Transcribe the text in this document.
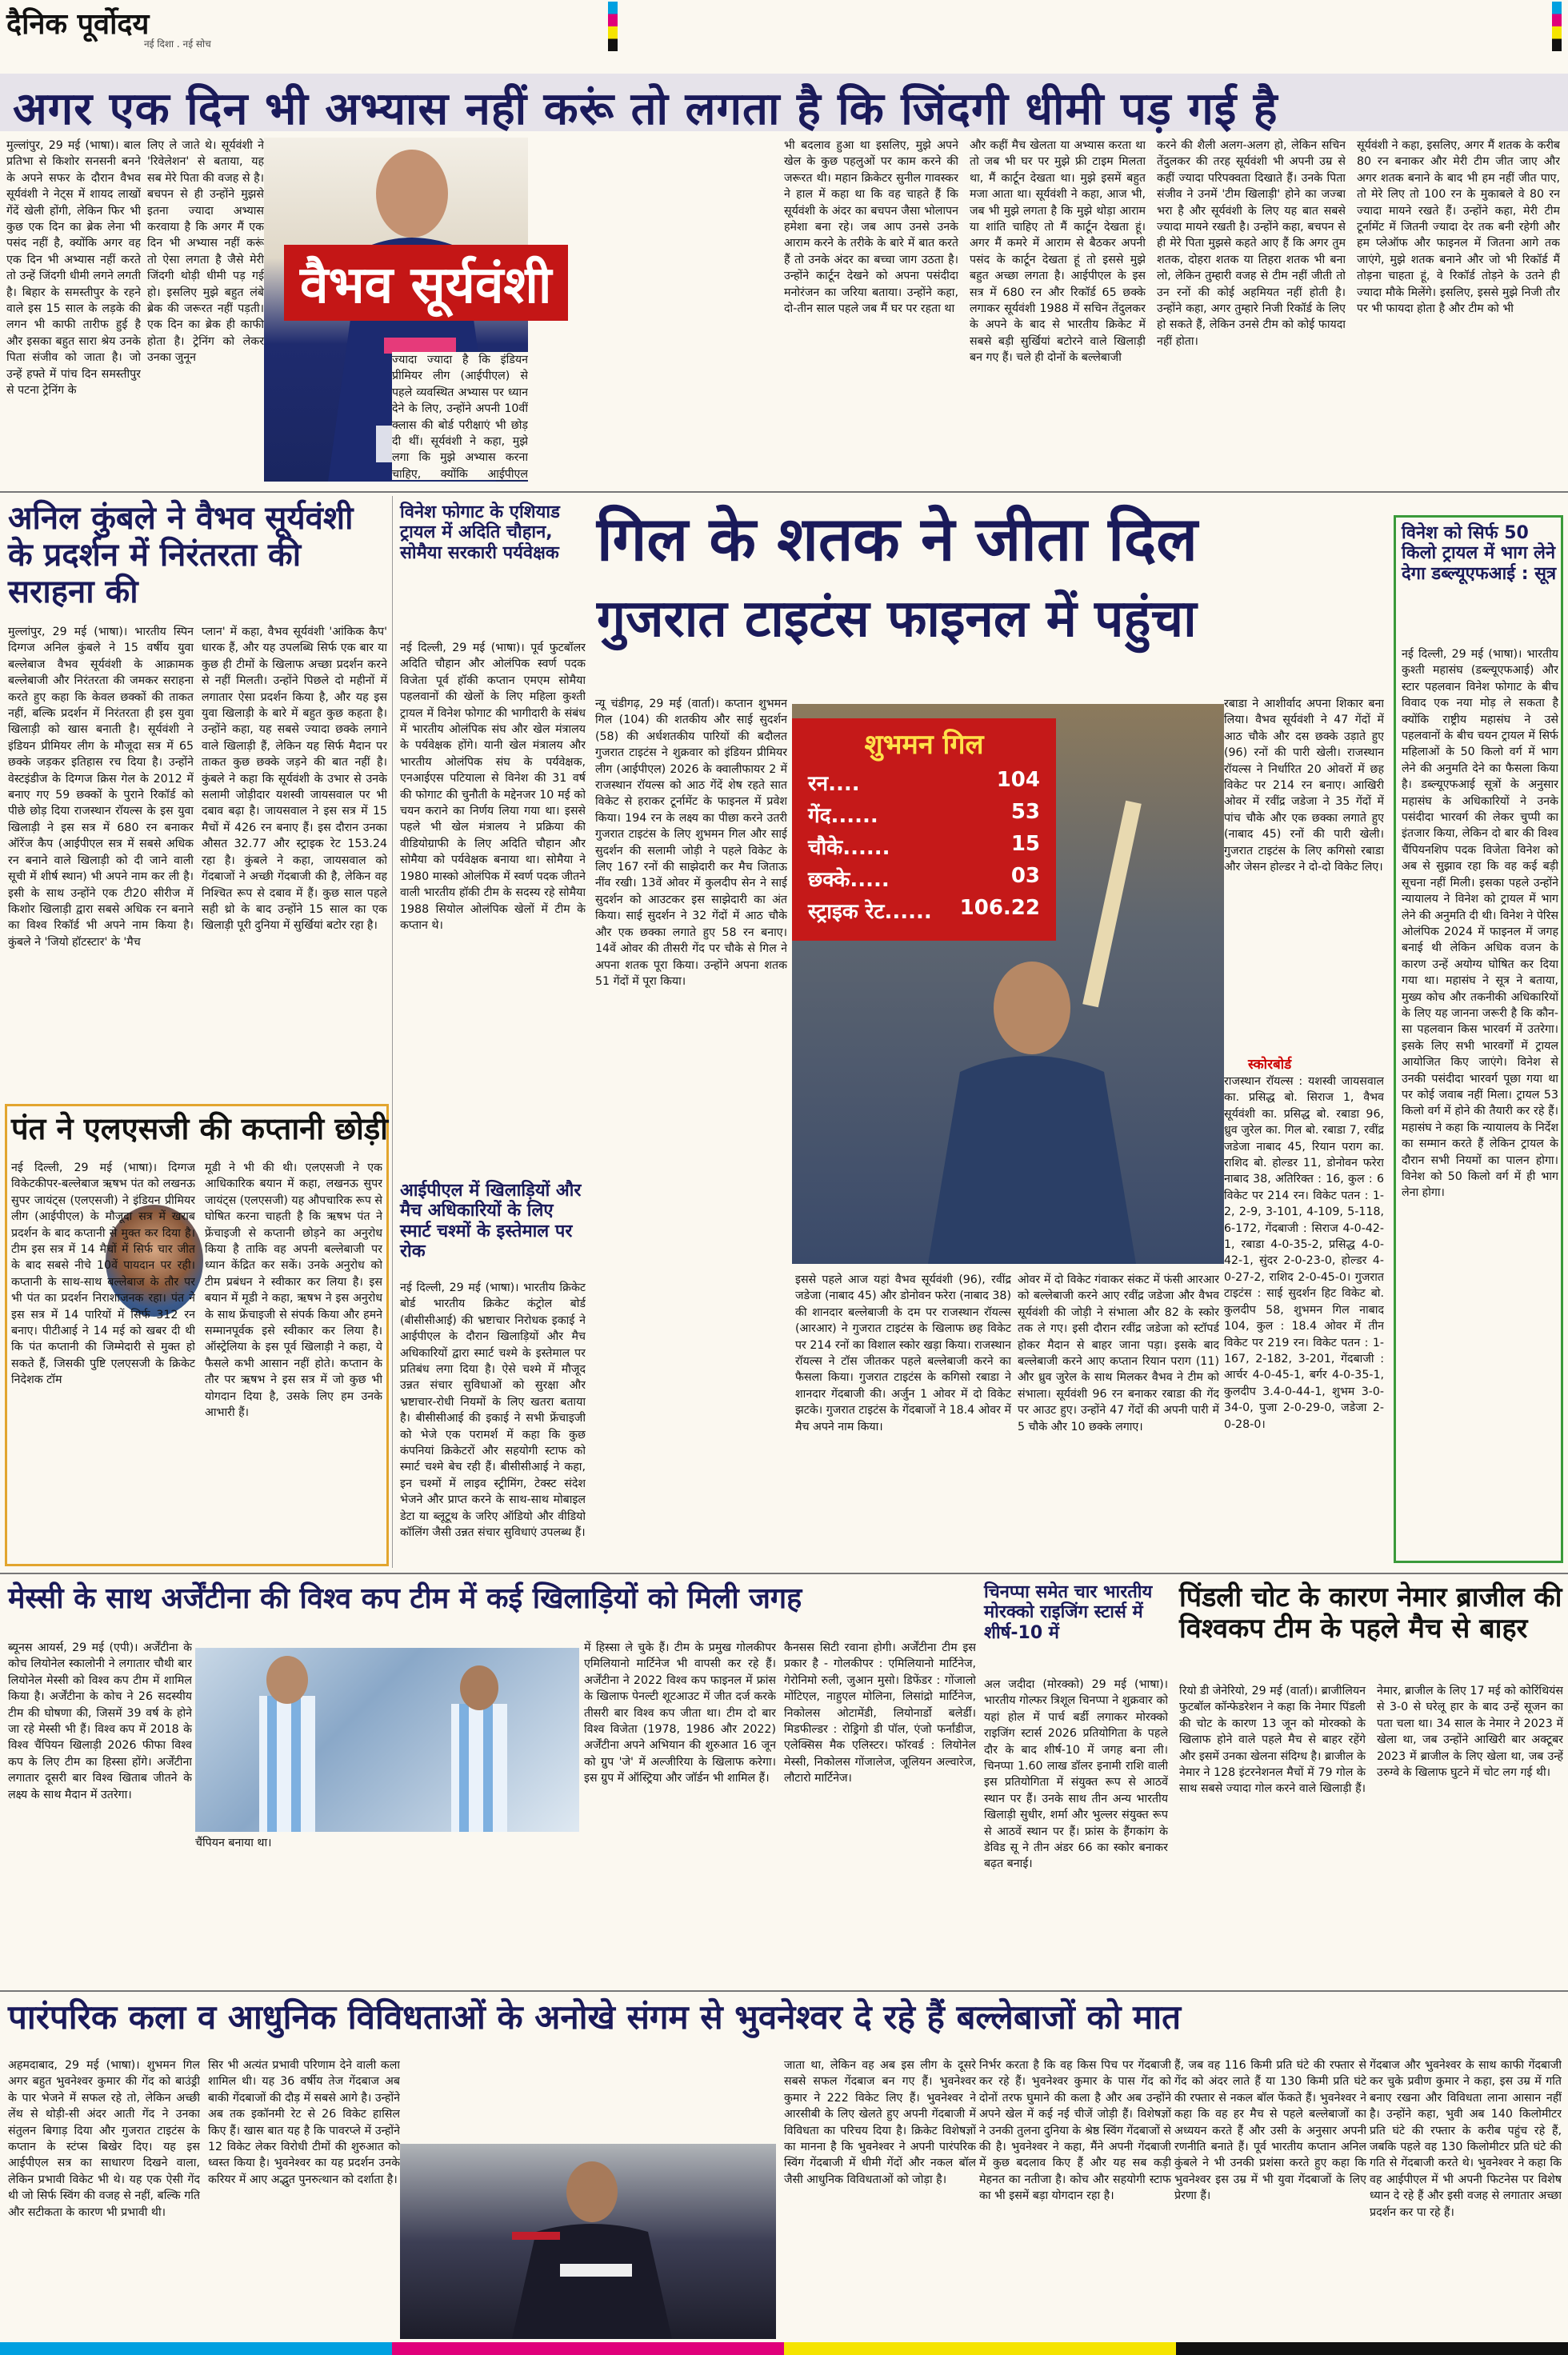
दैनिक पूर्वोदय
नई दिशा . नई सोच
अगर एक दिन भी अभ्यास नहीं करूं तो लगता है कि जिंदगी धीमी पड़ गई है
मुल्लांपुर, 29 मई (भाषा)। बाल प्रतिभा से किशोर सनसनी बनने के अपने सफर के दौरान वैभव सूर्यवंशी ने नेट्स में शायद लाखों गेंदें खेली होंगी, लेकिन फिर भी कुछ एक दिन का ब्रेक लेना भी पसंद नहीं है, क्योंकि अगर वह एक दिन भी अभ्यास नहीं करते तो उन्हें जिंदगी धीमी लगने लगती है। बिहार के समस्तीपुर के रहने वाले इस 15 साल के लड़के की लगन भी काफी तारीफ हुई है और इसका बहुत सारा श्रेय उनके पिता संजीव को जाता है। जो उन्हें हफ्ते में पांच दिन समस्तीपुर से पटना ट्रेनिंग के
लिए ले जाते थे। सूर्यवंशी ने 'रिवेलेशन' से बताया, यह सब मेरे पिता की वजह से है। बचपन से ही उन्होंने मुझसे इतना ज्यादा अभ्यास करवाया है कि अगर मैं एक दिन भी अभ्यास नहीं करूं तो ऐसा लगता है जैसे मेरी जिंदगी थोड़ी धीमी पड़ गई हो। इसलिए मुझे बहुत लंबे ब्रेक की जरूरत नहीं पड़ती। एक दिन का ब्रेक ही काफी होता है। ट्रेनिंग को लेकर उनका जुनून
वैभव सूर्यवंशी
ज्यादा ज्यादा है कि इंडियन प्रीमियर लीग (आईपीएल) से पहले व्यवस्थित अभ्यास पर ध्यान देने के लिए, उन्होंने अपनी 10वीं क्लास की बोर्ड परीक्षाएं भी छोड़ दी थीं। सूर्यवंशी ने कहा, मुझे लगा कि मुझे अभ्यास करना चाहिए, क्योंकि आईपीएल
भी बदलाव हुआ था इसलिए, मुझे अपने खेल के कुछ पहलुओं पर काम करने की जरूरत थी। महान क्रिकेटर सुनील गावस्कर ने हाल में कहा था कि वह चाहते हैं कि सूर्यवंशी के अंदर का बचपन जैसा भोलापन हमेशा बना रहे। जब आप उनसे उनके आराम करने के तरीके के बारे में बात करते हैं तो उनके अंदर का बच्चा जाग उठता है। उन्होंने कार्टून देखने को अपना पसंदीदा मनोरंजन का जरिया बताया। उन्होंने कहा, दो-तीन साल पहले जब मैं घर पर रहता था
और कहीं मैच खेलता या अभ्यास करता था तो जब भी घर पर मुझे फ्री टाइम मिलता था, मैं कार्टून देखता था। मुझे इसमें बहुत मजा आता था। सूर्यवंशी ने कहा, आज भी, जब भी मुझे लगता है कि मुझे थोड़ा आराम या शांति चाहिए तो मैं कार्टून देखता हूं। अगर मैं कमरे में आराम से बैठकर अपनी पसंद के कार्टून देखता हूं तो इससे मुझे बहुत अच्छा लगता है। आईपीएल के इस सत्र में 680 रन और रिकॉर्ड 65 छक्के लगाकर सूर्यवंशी 1988 में सचिन तेंदुलकर के अपने के बाद से भारतीय क्रिकेट में सबसे बड़ी सुर्खियां बटोरने वाले खिलाड़ी बन गए हैं। चले ही दोनों के बल्लेबाजी
करने की शैली अलग-अलग हो, लेकिन सचिन तेंदुलकर की तरह सूर्यवंशी भी अपनी उम्र से कहीं ज्यादा परिपक्वता दिखाते हैं। उनके पिता संजीव ने उनमें 'टीम खिलाड़ी' होने का जज्बा भरा है और सूर्यवंशी के लिए यह बात सबसे ज्यादा मायने रखती है। उन्होंने कहा, बचपन से ही मेरे पिता मुझसे कहते आए हैं कि अगर तुम शतक, दोहरा शतक या तिहरा शतक भी बना लो, लेकिन तुम्हारी वजह से टीम नहीं जीती तो उन रनों की कोई अहमियत नहीं होती है। उन्होंने कहा, अगर तुम्हारे निजी रिकॉर्ड के लिए हो सकते हैं, लेकिन उनसे टीम को कोई फायदा नहीं होता।
सूर्यवंशी ने कहा, इसलिए, अगर मैं शतक के करीब 80 रन बनाकर और मेरी टीम जीत जाए और अगर शतक बनाने के बाद भी हम नहीं जीत पाए, तो मेरे लिए तो 100 रन के मुकाबले वे 80 रन ज्यादा मायने रखते हैं। उन्होंने कहा, मेरी टीम टूर्नामेंट में जितनी ज्यादा देर तक बनी रहेगी और हम प्लेऑफ और फाइनल में जितना आगे तक जाएंगे, मुझे शतक बनाने और जो भी रिकॉर्ड मैं तोड़ना चाहता हूं, वे रिकॉर्ड तोड़ने के उतने ही ज्यादा मौके मिलेंगे। इसलिए, इससे मुझे निजी तौर पर भी फायदा होता है और टीम को भी
अनिल कुंबले ने वैभव सूर्यवंशी के प्रदर्शन में निरंतरता की सराहना की
मुल्लांपुर, 29 मई (भाषा)। भारतीय स्पिन दिग्गज अनिल कुंबले ने 15 वर्षीय युवा बल्लेबाज वैभव सूर्यवंशी के आक्रामक बल्लेबाजी और निरंतरता की जमकर सराहना करते हुए कहा कि केवल छक्कों की ताकत नहीं, बल्कि प्रदर्शन में निरंतरता ही इस युवा खिलाड़ी को खास बनाती है। सूर्यवंशी ने इंडियन प्रीमियर लीग के मौजूदा सत्र में 65 छक्के जड़कर इतिहास रच दिया है। उन्होंने वेस्टइंडीज के दिग्गज क्रिस गेल के 2012 में बनाए गए 59 छक्कों के पुराने रिकॉर्ड को पीछे छोड़ दिया राजस्थान रॉयल्स के इस युवा खिलाड़ी ने इस सत्र में 680 रन बनाकर ऑरेंज कैप (आईपीएल सत्र में सबसे अधिक रन बनाने वाले खिलाड़ी को दी जाने वाली सूची में शीर्ष स्थान) भी अपने नाम कर ली है। इसी के साथ उन्होंने एक टी20 सीरीज में किशोर खिलाड़ी द्वारा सबसे अधिक रन बनाने का विश्व रिकॉर्ड भी अपने नाम किया है। कुंबले ने 'जियो हॉटस्टार' के 'मैच
प्लान' में कहा, वैभव सूर्यवंशी 'आंकिक कैप' धारक हैं, और यह उपलब्धि सिर्फ एक बार या कुछ ही टीमों के खिलाफ अच्छा प्रदर्शन करने से नहीं मिलती। उन्होंने पिछले दो महीनों में लगातार ऐसा प्रदर्शन किया है, और यह इस युवा खिलाड़ी के बारे में बहुत कुछ कहता है। उन्होंने कहा, यह सबसे ज्यादा छक्के लगाने वाले खिलाड़ी हैं, लेकिन यह सिर्फ मैदान पर ताकत कुछ छक्के जड़ने की बात नहीं है। कुंबले ने कहा कि सूर्यवंशी के उभार से उनके सलामी जोड़ीदार यशस्वी जायसवाल पर भी दबाव बढ़ा है। जायसवाल ने इस सत्र में 15 मैचों में 426 रन बनाए हैं। इस दौरान उनका औसत 32.77 और स्ट्राइक रेट 153.24 रहा है। कुंबले ने कहा, जायसवाल को गेंदबाजों ने अच्छी गेंदबाजी की है, लेकिन वह निश्चित रूप से दबाव में हैं। कुछ साल पहले सही थ्रो के बाद उन्होंने 15 साल का एक खिलाड़ी पूरी दुनिया में सुर्खियां बटोर रहा है।
विनेश फोगाट के एशियाड ट्रायल में अदिति चौहान, सोमैया सरकारी पर्यवेक्षक
नई दिल्ली, 29 मई (भाषा)। पूर्व फुटबॉलर अदिति चौहान और ओलंपिक स्वर्ण पदक विजेता पूर्व हॉकी कप्तान एमएम सोमैया पहलवानों की खेलों के लिए महिला कुश्ती ट्रायल में विनेश फोगाट की भागीदारी के संबंध में भारतीय ओलंपिक संघ और खेल मंत्रालय के पर्यवेक्षक होंगे। यानी खेल मंत्रालय और भारतीय ओलंपिक संघ के पर्यवेक्षक, एनआईएस पटियाला से विनेश की 31 वर्ष की फोगाट की चुनौती के मद्देनजर 10 मई को चयन कराने का निर्णय लिया गया था। इससे पहले भी खेल मंत्रालय ने प्रक्रिया की वीडियोग्राफी के लिए अदिति चौहान और सोमैया को पर्यवेक्षक बनाया था। सोमैया ने 1980 मास्को ओलंपिक में स्वर्ण पदक जीतने वाली भारतीय हॉकी टीम के सदस्य रहे सोमैया 1988 सियोल ओलंपिक खेलों में टीम के कप्तान थे।
गिल के शतक ने जीता दिल
गुजरात टाइटंस फाइनल में पहुंचा
न्यू चंडीगढ़, 29 मई (वार्ता)। कप्तान शुभमन गिल (104) की शतकीय और साई सुदर्शन (58) की अर्धशतकीय पारियों की बदौलत गुजरात टाइटंस ने शुक्रवार को इंडियन प्रीमियर लीग (आईपीएल) 2026 के क्वालीफायर 2 में राजस्थान रॉयल्स को आठ गेंदें शेष रहते सात विकेट से हराकर टूर्नामेंट के फाइनल में प्रवेश किया। 194 रन के लक्ष्य का पीछा करने उतरी गुजरात टाइटंस के लिए शुभमन गिल और साई सुदर्शन की सलामी जोड़ी ने पहले विकेट के लिए 167 रनों की साझेदारी कर मैच जिताऊ नींव रखी। 13वें ओवर में कुलदीप सेन ने साई सुदर्शन को आउटकर इस साझेदारी का अंत किया। साई सुदर्शन ने 32 गेंदों में आठ चौके और एक छक्का लगाते हुए 58 रन बनाए। 14वें ओवर की तीसरी गेंद पर चौके से गिल ने अपना शतक पूरा किया। उन्होंने अपना शतक 51 गेंदों में पूरा किया।
शुभमन गिल
रन....	104
गेंद......	53
चौके......	15
छक्के.....	03
स्ट्राइक रेट...... 106.22
रबाडा ने आशीर्वाद अपना शिकार बना लिया। वैभव सूर्यवंशी ने 47 गेंदों में आठ चौके और दस छक्के उड़ाते हुए (96) रनों की पारी खेली। राजस्थान रॉयल्स ने निर्धारित 20 ओवरों में छह विकेट पर 214 रन बनाए। आखिरी ओवर में रवींद्र जडेजा ने 35 गेंदों में पांच चौके और एक छक्का लगाते हुए (नाबाद 45) रनों की पारी खेली। गुजरात टाइटंस के लिए कगिसो रबाडा और जेसन होल्डर ने दो-दो विकेट लिए।
स्कोरबोर्ड
राजस्थान रॉयल्स : यशस्वी जायसवाल का. प्रसिद्ध बो. सिराज 1, वैभव सूर्यवंशी का. प्रसिद्ध बो. रबाडा 96, ध्रुव जुरेल का. गिल बो. रबाडा 7, रवींद्र जडेजा नाबाद 45, रियान पराग का. राशिद बो. होल्डर 11, डोनोवन फरेरा नाबाद 38, अतिरिक्त : 16, कुल : 6 विकेट पर 214 रन। विकेट पतन : 1-2, 2-9, 3-101, 4-109, 5-118, 6-172, गेंदबाजी : सिराज 4-0-42-1, रबाडा 4-0-35-2, प्रसिद्ध 4-0-42-1, सुंदर 2-0-23-0, होल्डर 4-0-27-2, राशिद 2-0-45-0। गुजरात टाइटंस : साई सुदर्शन हिट विकेट बो. कुलदीप 58, शुभमन गिल नाबाद 104, कुल : 18.4 ओवर में तीन विकेट पर 219 रन। विकेट पतन : 1-167, 2-182, 3-201, गेंदबाजी : आर्चर 4-0-45-1, बर्गर 4-0-35-1, कुलदीप 3.4-0-44-1, शुभम 3-0-34-0, पुजा 2-0-29-0, जडेजा 2-0-28-0।
इससे पहले आज यहां वैभव सूर्यवंशी (96), रवींद्र जडेजा (नाबाद 45) और डोनोवन फरेरा (नाबाद 38) की शानदार बल्लेबाजी के दम पर राजस्थान रॉयल्स (आरआर) ने गुजरात टाइटंस के खिलाफ छह विकेट पर 214 रनों का विशाल स्कोर खड़ा किया। राजस्थान रॉयल्स ने टॉस जीतकर पहले बल्लेबाजी करने का फैसला किया। गुजरात टाइटंस के कगिसो रबाडा ने शानदार गेंदबाजी की। अर्जुन 1 ओवर में दो विकेट झटके। गुजरात टाइटंस के गेंदबाजों ने 18.4 ओवर में मैच अपने नाम किया।
ओवर में दो विकेट गंवाकर संकट में फंसी आरआर को बल्लेबाजी करने आए रवींद्र जडेजा और वैभव सूर्यवंशी की जोड़ी ने संभाला और 82 के स्कोर तक ले गए। इसी दौरान रवींद्र जडेजा को स्टॉपर्ड होकर मैदान से बाहर जाना पड़ा। इसके बाद बल्लेबाजी करने आए कप्तान रियान पराग (11) और ध्रुव जुरेल के साथ मिलकर वैभव ने टीम को संभाला। सूर्यवंशी 96 रन बनाकर रबाडा की गेंद पर आउट हुए। उन्होंने 47 गेंदों की अपनी पारी में 5 चौके और 10 छक्के लगाए।
विनेश को सिर्फ 50 किलो ट्रायल में भाग लेने देगा डब्ल्यूएफआई : सूत्र
नई दिल्ली, 29 मई (भाषा)। भारतीय कुश्ती महासंघ (डब्ल्यूएफआई) और स्टार पहलवान विनेश फोगाट के बीच विवाद एक नया मोड़ ले सकता है क्योंकि राष्ट्रीय महासंघ ने उसे पहलवानों के बीच चयन ट्रायल में सिर्फ महिलाओं के 50 किलो वर्ग में भाग लेने की अनुमति देने का फैसला किया है। डब्ल्यूएफआई सूत्रों के अनुसार महासंघ के अधिकारियों ने उनके पसंदीदा भारवर्ग की लेकर चुप्पी का इंतजार किया, लेकिन दो बार की विश्व चैंपियनशिप पदक विजेता विनेश को अब से सुझाव रहा कि वह कई बड़ी सूचना नहीं मिली। इसका पहले उन्होंने न्यायालय ने विनेश को ट्रायल में भाग लेने की अनुमति दी थी। विनेश ने पेरिस ओलंपिक 2024 में फाइनल में जगह बनाई थी लेकिन अधिक वजन के कारण उन्हें अयोग्य घोषित कर दिया गया था। महासंघ ने सूत्र ने बताया, मुख्य कोच और तकनीकी अधिकारियों के लिए यह जानना जरूरी है कि कौन-सा पहलवान किस भारवर्ग में उतरेगा। इसके लिए सभी भारवर्गों में ट्रायल आयोजित किए जाएंगे। विनेश से उनकी पसंदीदा भारवर्ग पूछा गया था पर कोई जवाब नहीं मिला। ट्रायल 53 किलो वर्ग में होने की तैयारी कर रहे हैं। महासंघ ने कहा कि न्यायालय के निर्देश का सम्मान करते हैं लेकिन ट्रायल के दौरान सभी नियमों का पालन होगा। विनेश को 50 किलो वर्ग में ही भाग लेना होगा।
पंत ने एलएसजी की कप्तानी छोड़ी
नई दिल्ली, 29 मई (भाषा)। दिग्गज विकेटकीपर-बल्लेबाज ऋषभ पंत को लखनऊ सुपर जायंट्स (एलएसजी) ने इंडियन प्रीमियर लीग (आईपीएल) के मौजूदा सत्र में खराब प्रदर्शन के बाद कप्तानी से मुक्त कर दिया है। टीम इस सत्र में 14 मैचों में सिर्फ चार जीत के बाद सबसे नीचे 10वें पायदान पर रही। कप्तानी के साथ-साथ बल्लेबाज के तौर पर भी पंत का प्रदर्शन निराशाजनक रहा। पंत ने इस सत्र में 14 पारियों में सिर्फ 312 रन बनाए। पीटीआई ने 14 मई को खबर दी थी कि पंत कप्तानी की जिम्मेदारी से मुक्त हो सकते हैं, जिसकी पुष्टि एलएसजी के क्रिकेट निदेशक टॉम
मूडी ने भी की थी। एलएसजी ने एक आधिकारिक बयान में कहा, लखनऊ सुपर जायंट्स (एलएसजी) यह औपचारिक रूप से घोषित करना चाहती है कि ऋषभ पंत ने फ्रेंचाइजी से कप्तानी छोड़ने का अनुरोध किया है ताकि वह अपनी बल्लेबाजी पर ध्यान केंद्रित कर सकें। उनके अनुरोध को टीम प्रबंधन ने स्वीकार कर लिया है। इस बयान में मूडी ने कहा, ऋषभ ने इस अनुरोध के साथ फ्रेंचाइजी से संपर्क किया और हमने सम्मानपूर्वक इसे स्वीकार कर लिया है। ऑस्ट्रेलिया के इस पूर्व खिलाड़ी ने कहा, ये फैसले कभी आसान नहीं होते। कप्तान के तौर पर ऋषभ ने इस सत्र में जो कुछ भी योगदान दिया है, उसके लिए हम उनके आभारी हैं।
आईपीएल में खिलाड़ियों और मैच अधिकारियों के लिए स्मार्ट चश्मों के इस्तेमाल पर रोक
नई दिल्ली, 29 मई (भाषा)। भारतीय क्रिकेट बोर्ड भारतीय क्रिकेट कंट्रोल बोर्ड (बीसीसीआई) की भ्रष्टाचार निरोधक इकाई ने आईपीएल के दौरान खिलाड़ियों और मैच अधिकारियों द्वारा स्मार्ट चश्मे के इस्तेमाल पर प्रतिबंध लगा दिया है। ऐसे चश्मे में मौजूद उन्नत संचार सुविधाओं को सुरक्षा और भ्रष्टाचार-रोधी नियमों के लिए खतरा बताया है। बीसीसीआई की इकाई ने सभी फ्रेंचाइजी को भेजे एक परामर्श में कहा कि कुछ कंपनियां क्रिकेटरों और सहयोगी स्टाफ को स्मार्ट चश्मे बेच रही हैं। बीसीसीआई ने कहा, इन चश्मों में लाइव स्ट्रीमिंग, टेक्स्ट संदेश भेजने और प्राप्त करने के साथ-साथ मोबाइल डेटा या ब्लूटूथ के जरिए ऑडियो और वीडियो कॉलिंग जैसी उन्नत संचार सुविधाएं उपलब्ध हैं।
मेस्सी के साथ अर्जेंटीना की विश्व कप टीम में कई खिलाड़ियों को मिली जगह
ब्यूनस आयर्स, 29 मई (एपी)। अर्जेंटीना के कोच लियोनेल स्कालोनी ने लगातार चौथी बार लियोनेल मेस्सी को विश्व कप टीम में शामिल किया है। अर्जेंटीना के कोच ने 26 सदस्यीय टीम की घोषणा की, जिसमें 39 वर्ष के होने जा रहे मेस्सी भी हैं। विश्व कप में 2018 के विश्व चैंपियन खिलाड़ी 2026 फीफा विश्व कप के लिए टीम का हिस्सा होंगे। अर्जेंटीना लगातार दूसरी बार विश्व खिताब जीतने के लक्ष्य के साथ मैदान में उतरेगा।
चैंपियन बनाया था।
में हिस्सा ले चुके हैं। टीम के प्रमुख गोलकीपर एमिलियानो मार्टिनेज भी वापसी कर रहे हैं। अर्जेंटीना ने 2022 विश्व कप फाइनल में फ्रांस के खिलाफ पेनल्टी शूटआउट में जीत दर्ज करके तीसरी बार विश्व कप जीता था। टीम दो बार विश्व विजेता (1978, 1986 और 2022) अर्जेंटीना अपने अभियान की शुरुआत 16 जून को ग्रुप 'जे' में अल्जीरिया के खिलाफ करेगा। इस ग्रुप में ऑस्ट्रिया और जॉर्डन भी शामिल हैं।
कैनसस सिटी रवाना होगी। अर्जेंटीना टीम इस प्रकार है - गोलकीपर : एमिलियानो मार्टिनेज, गेरोनिमो रुली, जुआन मुसो। डिफेंडर : गोंजालो मोंटिएल, नाहुएल मोलिना, लिसांद्रो मार्टिनेज, निकोलस ओटामेंडी, लियोनार्डो बलेर्डी। मिडफील्डर : रोड्रिगो डी पॉल, एंजो फर्नांडीज, एलेक्सिस मैक एलिस्टर। फॉरवर्ड : लियोनेल मेस्सी, निकोलस गोंजालेज, जूलियन अल्वारेज, लौटारो मार्टिनेज।
चिनप्पा समेत चार भारतीय मोरक्को राइजिंग स्टार्स में शीर्ष-10 में
अल जदीदा (मोरक्को) 29 मई (भाषा)। भारतीय गोल्फर त्रिशूल चिनप्पा ने शुक्रवार को यहां होल में पार्च बर्डी लगाकर मोरक्को राइजिंग स्टार्स 2026 प्रतियोगिता के पहले दौर के बाद शीर्ष-10 में जगह बना ली। चिनप्पा 1.60 लाख डॉलर इनामी राशि वाली इस प्रतियोगिता में संयुक्त रूप से आठवें स्थान पर हैं। उनके साथ तीन अन्य भारतीय खिलाड़ी सुधीर, शर्मा और भुल्लर संयुक्त रूप से आठवें स्थान पर हैं। फ्रांस के हैंगकांग के डेविड सू ने तीन अंडर 66 का स्कोर बनाकर बढ़त बनाई।
पिंडली चोट के कारण नेमार ब्राजील की विश्वकप टीम के पहले मैच से बाहर
रियो डी जेनेरियो, 29 मई (वार्ता)। ब्राजीलियन फुटबॉल कॉन्फेडरेशन ने कहा कि नेमार पिंडली की चोट के कारण 13 जून को मोरक्को के खिलाफ होने वाले पहले मैच से बाहर रहेंगे और इसमें उनका खेलना संदिग्ध है। ब्राजील के नेमार ने 128 इंटरनेशनल मैचों में 79 गोल के साथ सबसे ज्यादा गोल करने वाले खिलाड़ी हैं। नेमार, ब्राजील के लिए 17 मई को कोरिंथियंस से 3-0 से घरेलू हार के बाद उन्हें सूजन का पता चला था। 34 साल के नेमार ने 2023 में खेला था, जब उन्होंने आखिरी बार अक्टूबर 2023 में ब्राजील के लिए खेला था, जब उन्हें उरुग्वे के खिलाफ घुटने में चोट लग गई थी।
पारंपरिक कला व आधुनिक विविधताओं के अनोखे संगम से भुवनेश्वर दे रहे हैं बल्लेबाजों को मात
अहमदाबाद, 29 मई (भाषा)। शुभमन गिल अगर बहुत भुवनेश्वर कुमार की गेंद को बाउंड्री के पार भेजने में सफल रहे तो, लेकिन अच्छी लेंथ से थोड़ी-सी अंदर आती गेंद ने उनका संतुलन बिगाड़ दिया और गुजरात टाइटंस के कप्तान के स्टंप्स बिखेर दिए। यह इस आईपीएल सत्र का साधारण दिखने वाला, लेकिन प्रभावी विकेट भी थे। यह एक ऐसी गेंद थी जो सिर्फ स्विंग की वजह से नहीं, बल्कि गति और सटीकता के कारण भी प्रभावी थी।
सिर भी अत्यंत प्रभावी परिणाम देने वाली कला शामिल थी। यह 36 वर्षीय तेज गेंदबाज अब बाकी गेंदबाजों की दौड़ में सबसे आगे है। उन्होंने अब तक इकॉनमी रेट से 26 विकेट हासिल किए हैं। खास बात यह है कि पावरप्ले में उन्होंने 12 विकेट लेकर विरोधी टीमों की शुरुआत को ध्वस्त किया है। भुवनेश्वर का यह प्रदर्शन उनके करियर में आए अद्भुत पुनरुत्थान को दर्शाता है।
जाता था, लेकिन वह अब इस लीग के दूसरे सबसे सफल गेंदबाज बन गए हैं। भुवनेश्वर कुमार ने 222 विकेट लिए हैं। भुवनेश्वर ने आरसीबी के लिए खेलते हुए अपनी गेंदबाजी में विविधता का परिचय दिया है। क्रिकेट विशेषज्ञों का मानना है कि भुवनेश्वर ने अपनी पारंपरिक स्विंग गेंदबाजी में धीमी गेंदों और नकल बॉल जैसी आधुनिक विविधताओं को जोड़ा है।
निर्भर करता है कि वह किस पिच पर गेंदबाजी कर रहे हैं। भुवनेश्वर कुमार के पास गेंद को दोनों तरफ घुमाने की कला है और अब उन्होंने अपने खेल में कई नई चीजें जोड़ी हैं। विशेषज्ञों ने उनकी तुलना दुनिया के श्रेष्ठ स्विंग गेंदबाजों से की है। भुवनेश्वर ने कहा, मैंने अपनी गेंदबाजी में कुछ बदलाव किए हैं और यह सब कड़ी मेहनत का नतीजा है। कोच और सहयोगी स्टाफ का भी इसमें बड़ा योगदान रहा है।
हैं, जब वह 116 किमी प्रति घंटे की रफ्तार से गेंद को अंदर लाते हैं या 130 किमी प्रति घंटे की रफ्तार से नकल बॉल फेंकते हैं। भुवनेश्वर ने कहा कि वह हर मैच से पहले बल्लेबाजों का अध्ययन करते हैं और उसी के अनुसार अपनी रणनीति बनाते हैं। पूर्व भारतीय कप्तान अनिल कुंबले ने भी उनकी प्रशंसा करते हुए कहा कि भुवनेश्वर इस उम्र में भी युवा गेंदबाजों के लिए प्रेरणा हैं।
गेंदबाज और भुवनेश्वर के साथ काफी गेंदबाजी कर चुके प्रवीण कुमार ने कहा, इस उम्र में गति बनाए रखना और विविधता लाना आसान नहीं है। उन्होंने कहा, भुवी अब 140 किलोमीटर प्रति घंटे की रफ्तार के करीब पहुंच रहे हैं, जबकि पहले वह 130 किलोमीटर प्रति घंटे की गति से गेंदबाजी करते थे। भुवनेश्वर ने कहा कि वह आईपीएल में भी अपनी फिटनेस पर विशेष ध्यान दे रहे हैं और इसी वजह से लगातार अच्छा प्रदर्शन कर पा रहे हैं।
